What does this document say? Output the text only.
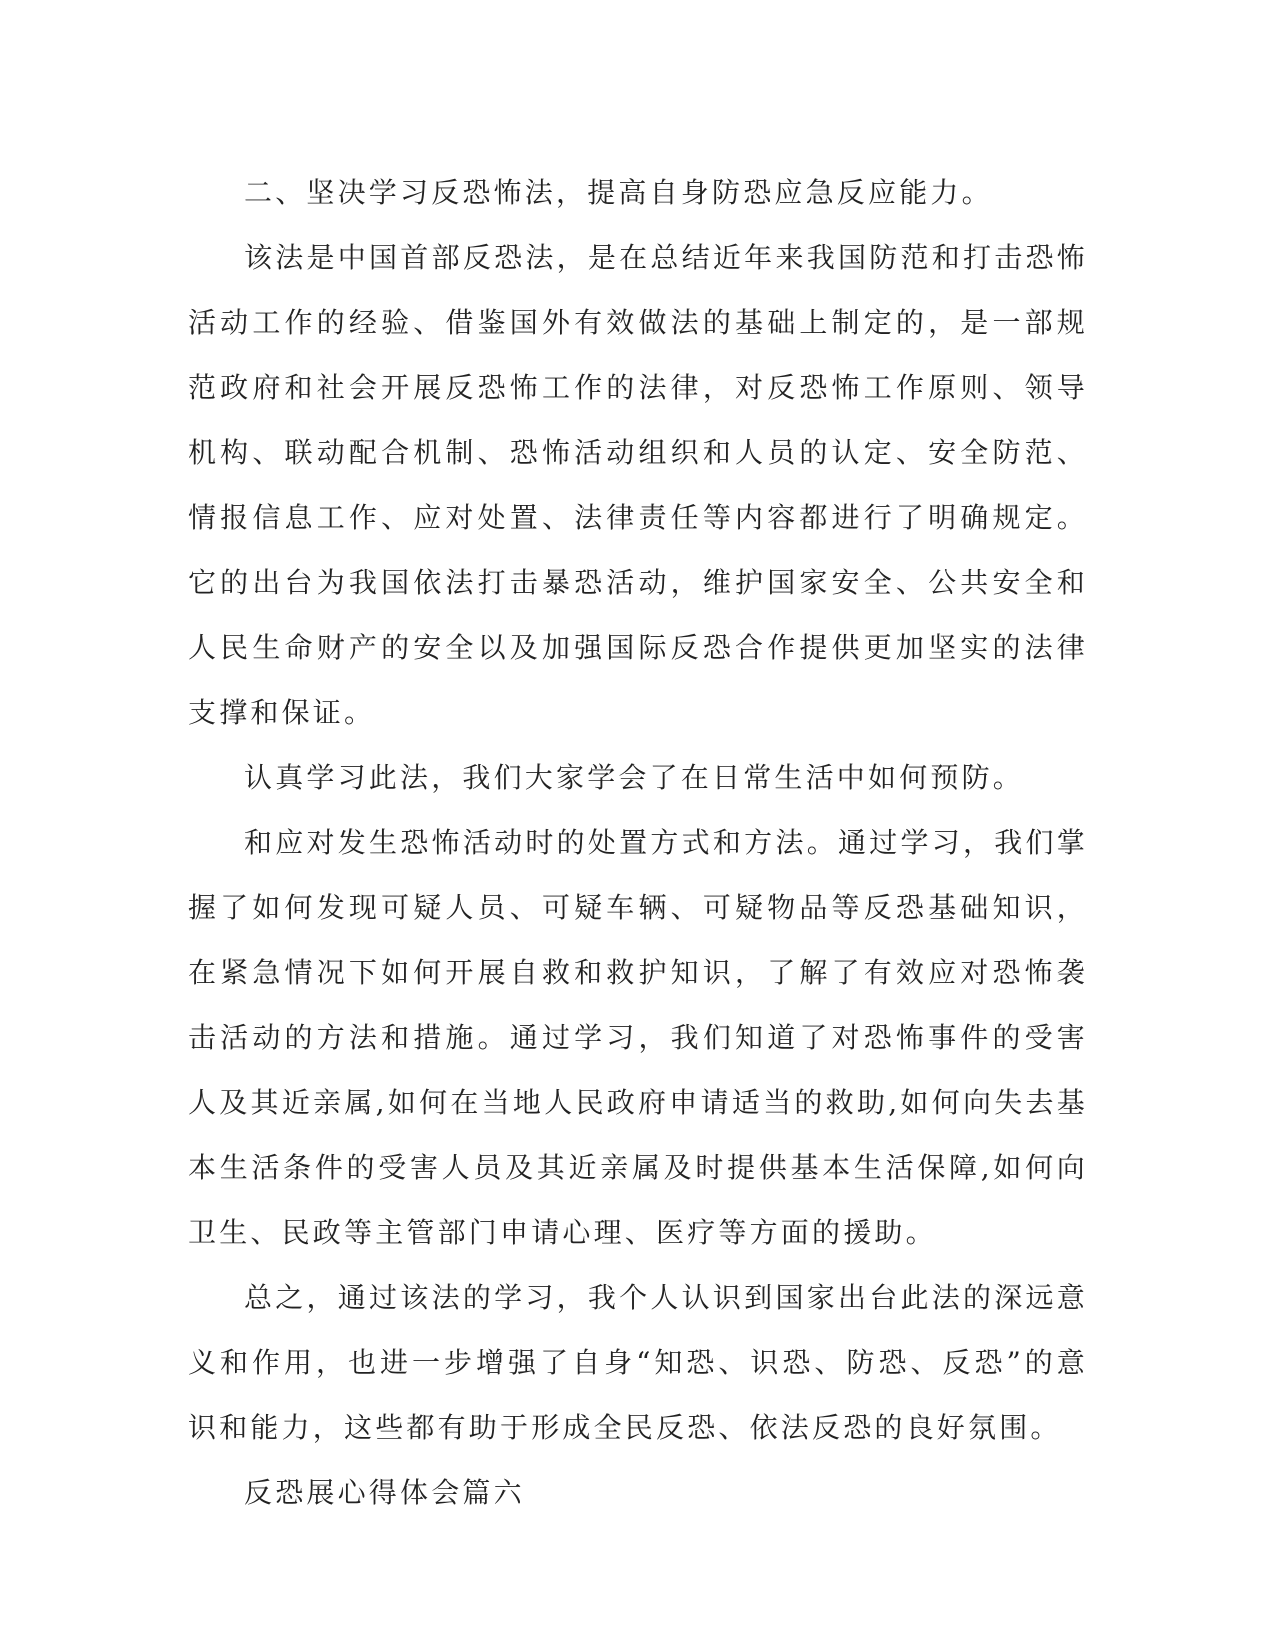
二、坚决学习反恐怖法，提高自身防恐应急反应能力。

该法是中国首部反恐法，是在总结近年来我国防范和打击恐怖活动工作的经验、借鉴国外有效做法的基础上制定的，是一部规范政府和社会开展反恐怖工作的法律，对反恐怖工作原则、领导机构、联动配合机制、恐怖活动组织和人员的认定、安全防范、情报信息工作、应对处置、法律责任等内容都进行了明确规定。它的出台为我国依法打击暴恐活动，维护国家安全、公共安全和人民生命财产的安全以及加强国际反恐合作提供更加坚实的法律支撑和保证。

认真学习此法，我们大家学会了在日常生活中如何预防。

和应对发生恐怖活动时的处置方式和方法。通过学习，我们掌握了如何发现可疑人员、可疑车辆、可疑物品等反恐基础知识，在紧急情况下如何开展自救和救护知识，了解了有效应对恐怖袭击活动的方法和措施。通过学习，我们知道了对恐怖事件的受害人及其近亲属,如何在当地人民政府申请适当的救助,如何向失去基本生活条件的受害人员及其近亲属及时提供基本生活保障,如何向卫生、民政等主管部门申请心理、医疗等方面的援助。

总之，通过该法的学习，我个人认识到国家出台此法的深远意义和作用，也进一步增强了自身“知恐、识恐、防恐、反恐”的意识和能力，这些都有助于形成全民反恐、依法反恐的良好氛围。

反恐展心得体会篇六
